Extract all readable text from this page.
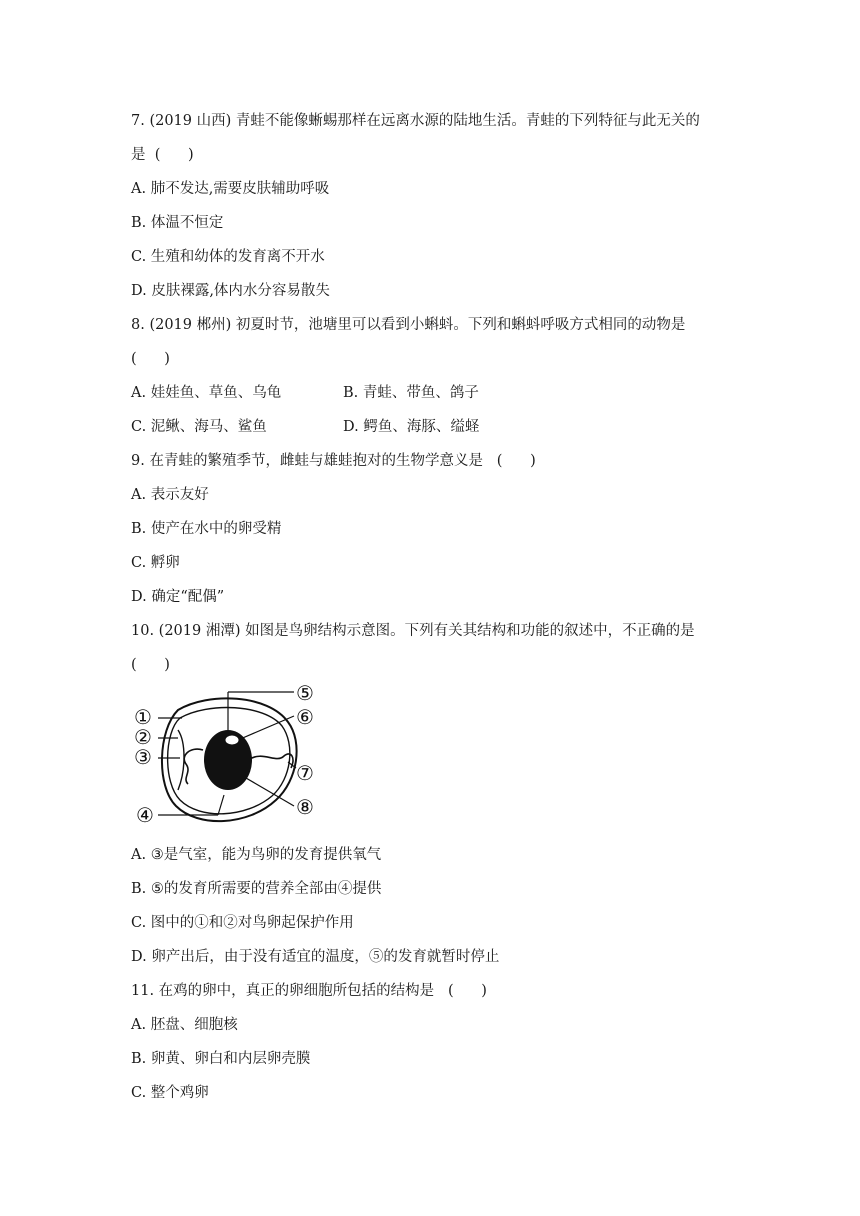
7. (2019 山西) 青蛙不能像蜥蜴那样在远离水源的陆地生活。青蛙的下列特征与此无关的
是  (      )
A. 肺不发达,需要皮肤辅助呼吸
B. 体温不恒定
C. 生殖和幼体的发育离不开水
D. 皮肤裸露,体内水分容易散失
8. (2019 郴州) 初夏时节，池塘里可以看到小蝌蚪。下列和蝌蚪呼吸方式相同的动物是
(      )
A. 娃娃鱼、草鱼、乌龟	B. 青蛙、带鱼、鸽子
C. 泥鳅、海马、鲨鱼	D. 鳄鱼、海豚、缢蛏
9. 在青蛙的繁殖季节，雌蛙与雄蛙抱对的生物学意义是   (      )
A. 表示友好
B. 使产在水中的卵受精
C. 孵卵
D. 确定“配偶”
10. (2019 湘潭) 如图是鸟卵结构示意图。下列有关其结构和功能的叙述中，不正确的是
(      )
①
②
③
④
⑤
⑥
⑦
⑧
A. ③是气室，能为鸟卵的发育提供氧气
B. ⑤的发育所需要的营养全部由④提供
C. 图中的①和②对鸟卵起保护作用
D. 卵产出后，由于没有适宜的温度，⑤的发育就暂时停止
11. 在鸡的卵中，真正的卵细胞所包括的结构是   (      )
A. 胚盘、细胞核
B. 卵黄、卵白和内层卵壳膜
C. 整个鸡卵
